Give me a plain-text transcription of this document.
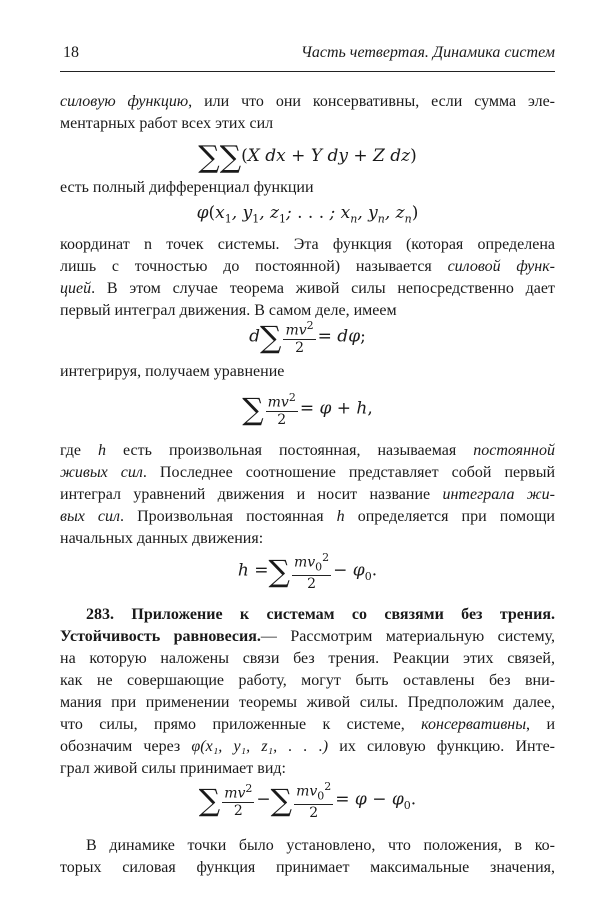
18	Часть четвертая. Динамика систем
силовую функцию, или что они консервативны, если сумма эле-
ментарных работ всех этих сил
∑∑(X dx + Y dy + Z dz)
есть полный дифференциал функции
$\varphi(x_1$, $y_1$, $z_1$; . . . ; $x_n$, $y_n$, $z_n$)
координат n точек системы. Эта функция (которая определена
лишь с точностью до постоянной) называется силовой функ-
цией. В этом случае теорема живой силы непосредственно дает
первый интеграл движения. В самом деле, имеем
$d\sum \frac{mv^2}{2} = d\varphi$;
интегрируя, получаем уравнение
∑ $\frac{mv^2}{2} = \varphi + h$,
где h есть произвольная постоянная, называемая постоянной
живых сил. Последнее соотношение представляет собой первый
интеграл уравнений движения и носит название интеграла жи-
вых сил. Произвольная постоянная h определяется при помощи
начальных данных движения:
h =∑ $\frac{mv_0^2}{2} - \varphi_0$.
283. Приложение к системам со связями без трения.
Устойчивость равновесия.— Рассмотрим материальную систему,
на которую наложены связи без трения. Реакции этих связей,
как не совершающие работу, могут быть оставлены без вни-
мания при применении теоремы живой силы. Предположим далее,
что силы, прямо приложенные к системе, консервативны, и
обозначим через φ(x₁, y₁, z₁, . . .) их силовую функцию. Инте-
грал живой силы принимает вид:
∑ $\frac{mv^2}{2}$ −∑ $\frac{mv_0^2}{2} = \varphi - \varphi_0$.
В динамике точки было установлено, что положения, в ко-
торых силовая функция принимает максимальные значения,
